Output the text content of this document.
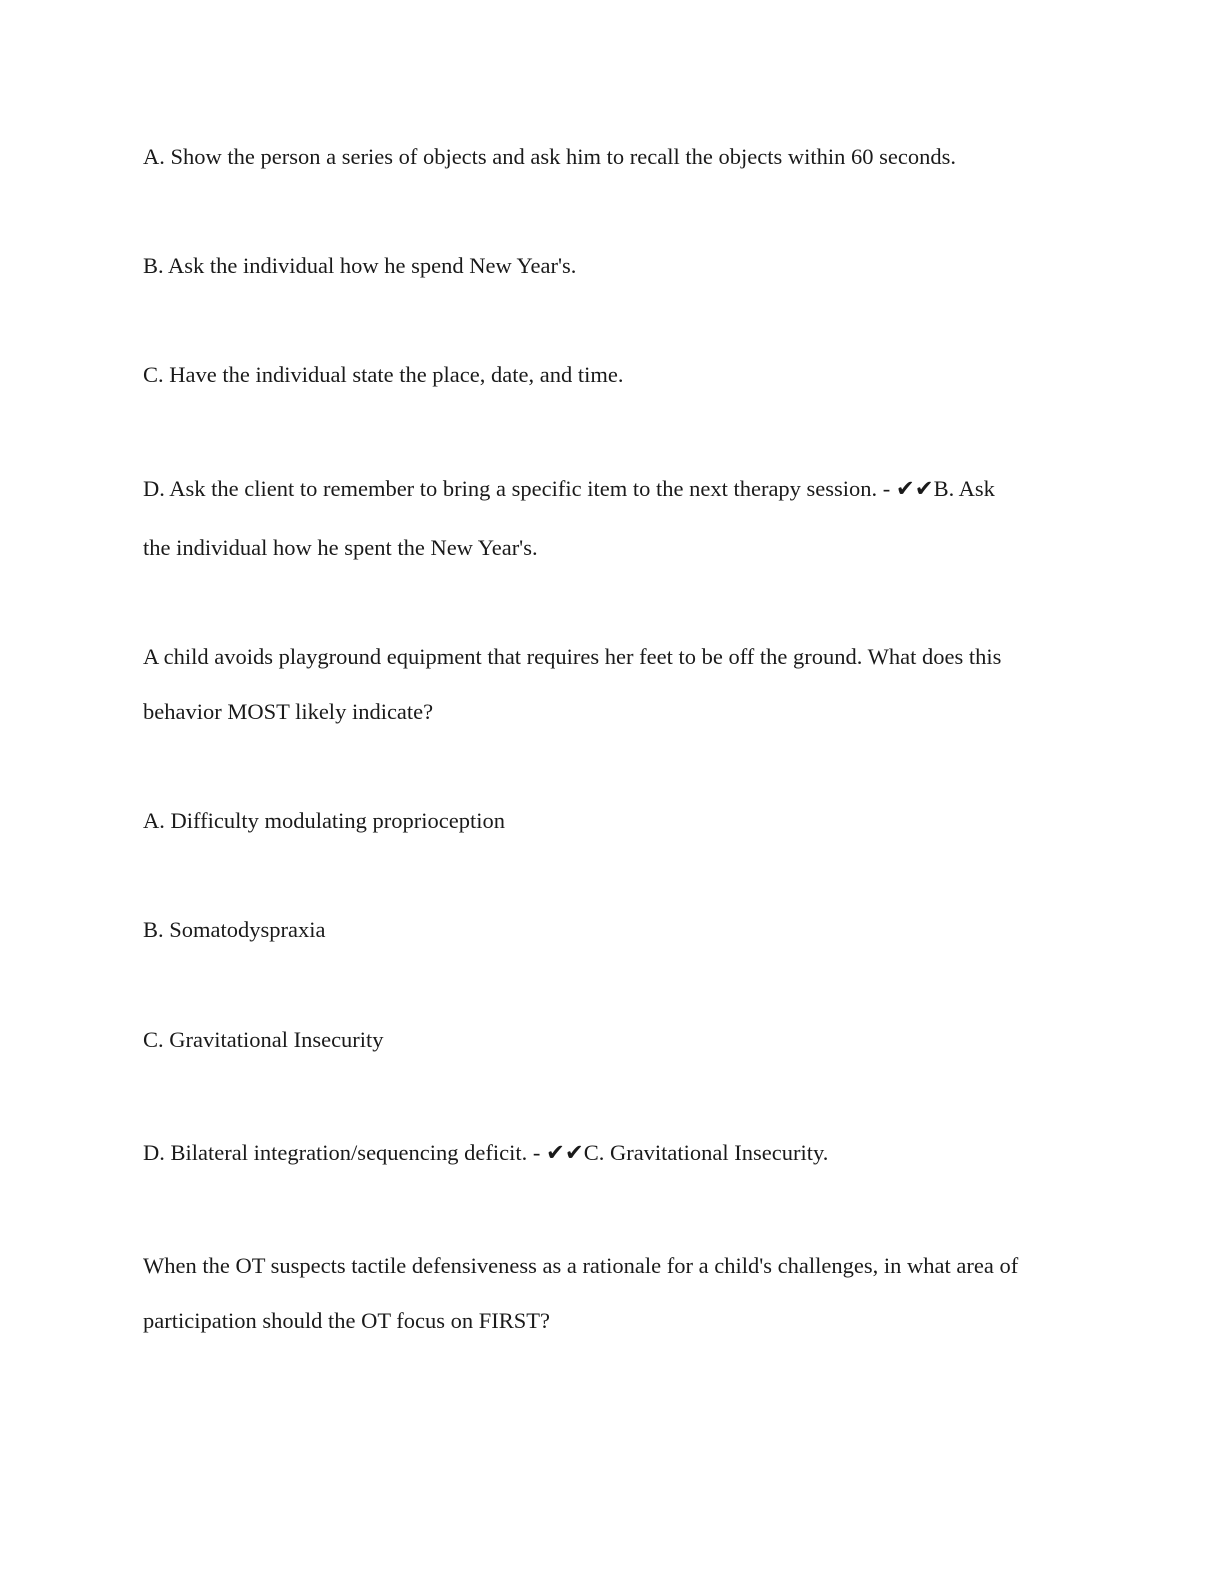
A. Show the person a series of objects and ask him to recall the objects within 60 seconds.

B. Ask the individual how he spend New Year's.

C. Have the individual state the place, date, and time.

D. Ask the client to remember to bring a specific item to the next therapy session. - ✔✔B. Ask

the individual how he spent the New Year's.

A child avoids playground equipment that requires her feet to be off the ground. What does this

behavior MOST likely indicate?

A. Difficulty modulating proprioception

B. Somatodyspraxia

C. Gravitational Insecurity

D. Bilateral integration/sequencing deficit. - ✔✔C. Gravitational Insecurity.

When the OT suspects tactile defensiveness as a rationale for a child's challenges, in what area of

participation should the OT focus on FIRST?
